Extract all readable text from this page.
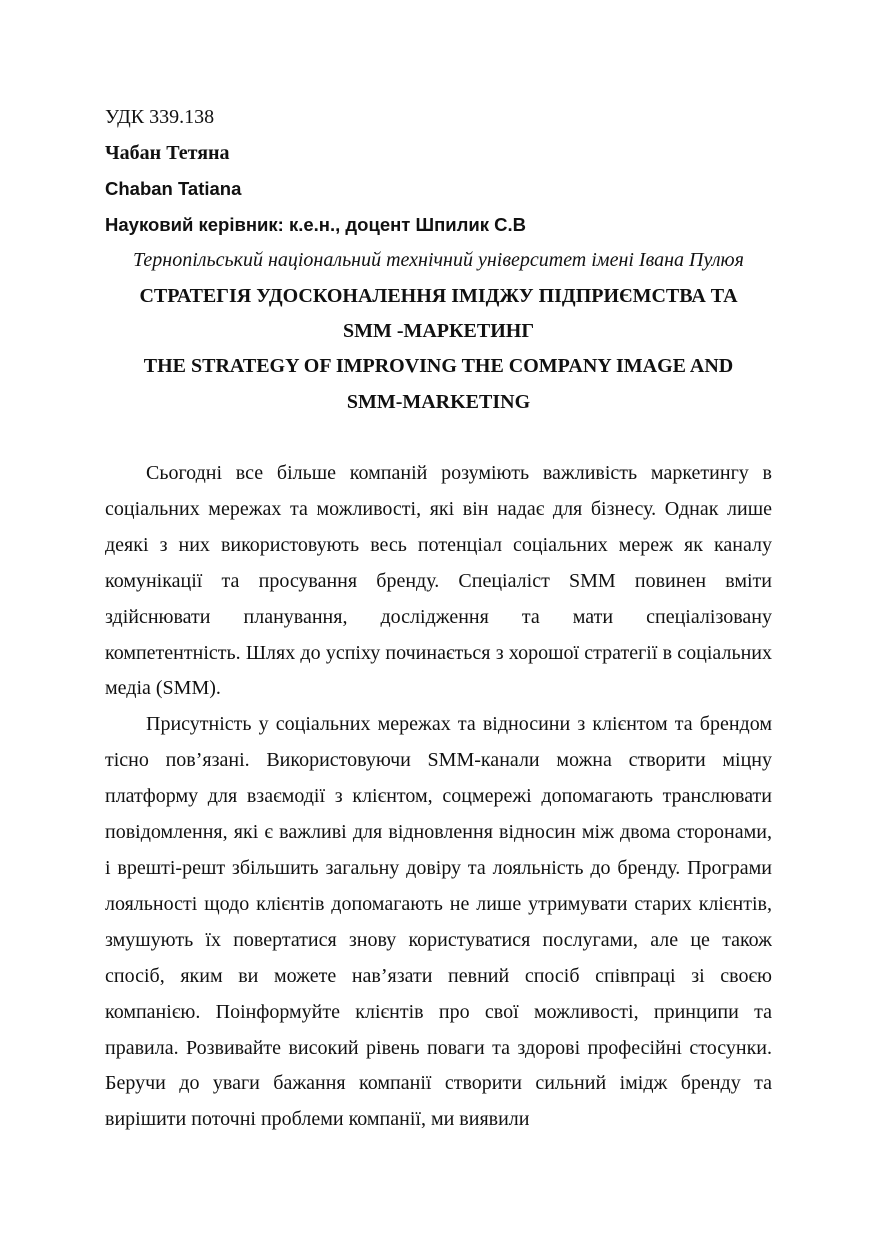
УДК 339.138
Чабан Тетяна
Chaban Tatiana
Науковий керівник: к.е.н., доцент Шпилик С.В
Тернопільський національний технічний університет імені Івана Пулюя
СТРАТЕГІЯ УДОСКОНАЛЕННЯ ІМІДЖУ ПІДПРИЄМСТВА ТА
SMM -МАРКЕТИНГ
THE STRATEGY OF IMPROVING THE COMPANY IMAGE AND
SMM-MARKETING

Сьогодні все більше компаній розуміють важливість маркетингу в соціальних мережах та можливості, які він надає для бізнесу. Однак лише деякі з них використовують весь потенціал соціальних мереж як каналу комунікації та просування бренду. Спеціаліст SMM повинен вміти здійснювати планування, дослідження та мати спеціалізовану компетентність. Шлях до успіху починається з хорошої стратегії в соціальних медіа (SMM).

Присутність у соціальних мережах та відносини з клієнтом та брендом тісно пов’язані. Використовуючи SMM-канали можна створити міцну платформу для взаємодії з клієнтом, соцмережі допомагають транслювати повідомлення, які є важливі для відновлення відносин між двома сторонами, і врешті-решт збільшить загальну довіру та лояльність до бренду. Програми лояльності щодо клієнтів допомагають не лише утримувати старих клієнтів, змушують їх повертатися знову користуватися послугами, але це також спосіб, яким ви можете нав’язати певний спосіб співпраці зі своєю компанією. Поінформуйте клієнтів про свої можливості, принципи та правила. Розвивайте високий рівень поваги та здорові професійні стосунки. Беручи до уваги бажання компанії створити сильний імідж бренду та вирішити поточні проблеми компанії, ми виявили
